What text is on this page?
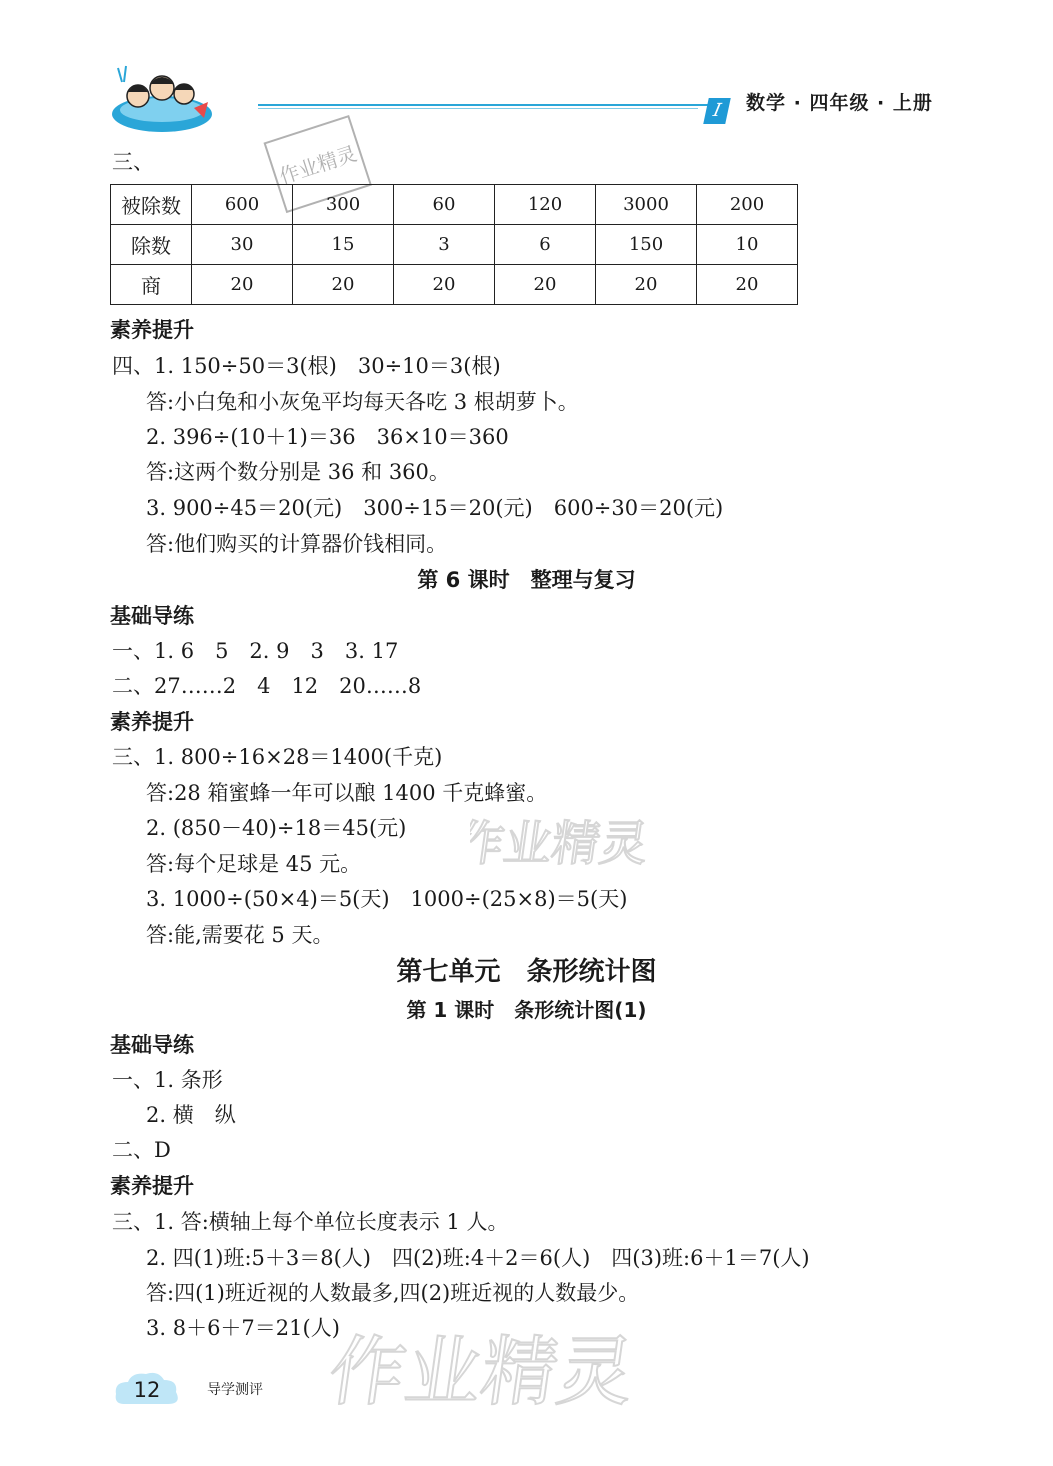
I	数学 · 四年级 · 上册
作业精灵
三、
被除数	600	300	60	120	3000	200
除数	30	15	3	6	150	10
商	20	20	20	20	20	20
素养提升
四、1. 150÷50＝3(根)　30÷10＝3(根)
答:小白兔和小灰兔平均每天各吃 3 根胡萝卜。
2. 396÷(10＋1)＝36　36×10＝360
答:这两个数分别是 36 和 360。
3. 900÷45＝20(元)　300÷15＝20(元)　600÷30＝20(元)
答:他们购买的计算器价钱相同。
第 6 课时　整理与复习
基础导练
一、1. 6　5　2. 9　3　3. 17
二、27……2　4　12　20……8
素养提升
三、1. 800÷16×28＝1400(千克)
答:28 箱蜜蜂一年可以酿 1400 千克蜂蜜。
2. (850－40)÷18＝45(元)
答:每个足球是 45 元。
3. 1000÷(50×4)＝5(天)　1000÷(25×8)＝5(天)
答:能,需要花 5 天。
第七单元　条形统计图
第 1 课时　条形统计图(1)
基础导练
一、1. 条形
2. 横　纵
二、D
素养提升
三、1. 答:横轴上每个单位长度表示 1 人。
2. 四(1)班:5＋3＝8(人)　四(2)班:4＋2＝6(人)　四(3)班:6＋1＝7(人)
答:四(1)班近视的人数最多,四(2)班近视的人数最少。
3. 8＋6＋7＝21(人)
作业精灵
作业精灵
12	导学测评
